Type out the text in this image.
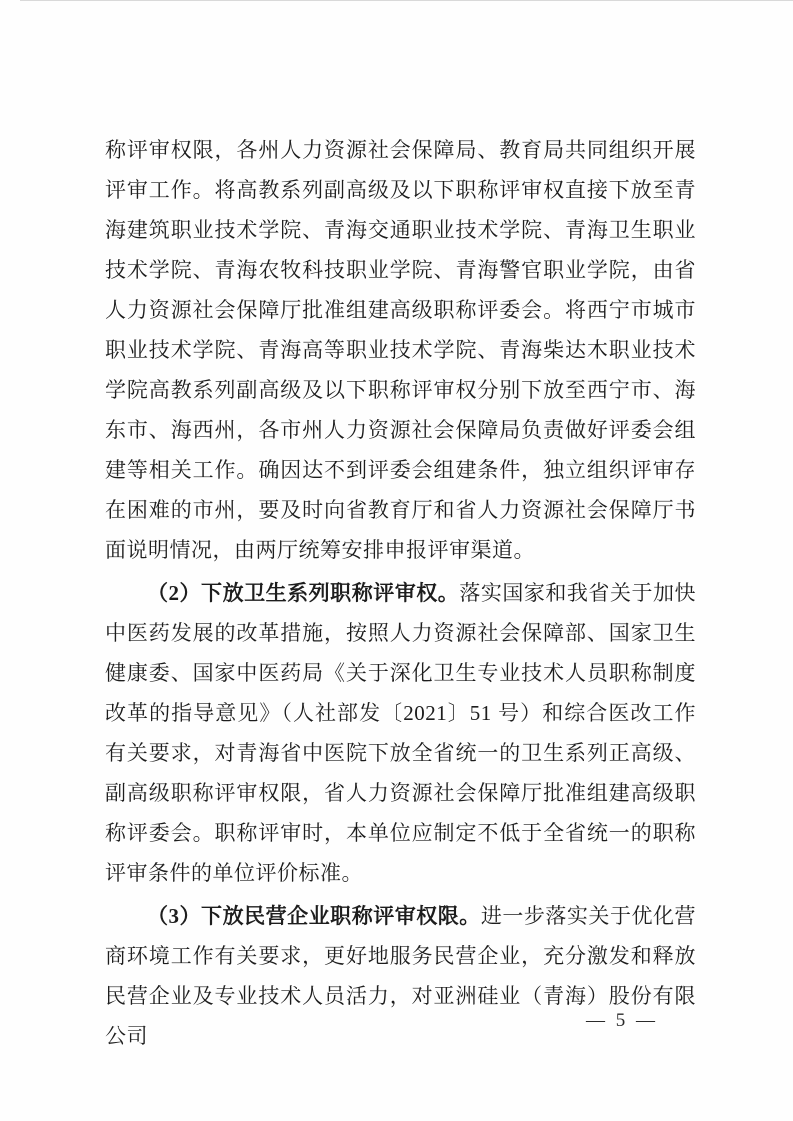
称评审权限，各州人力资源社会保障局、教育局共同组织开展评审工作。将高教系列副高级及以下职称评审权直接下放至青海建筑职业技术学院、青海交通职业技术学院、青海卫生职业技术学院、青海农牧科技职业学院、青海警官职业学院，由省人力资源社会保障厅批准组建高级职称评委会。将西宁市城市职业技术学院、青海高等职业技术学院、青海柴达木职业技术学院高教系列副高级及以下职称评审权分别下放至西宁市、海东市、海西州，各市州人力资源社会保障局负责做好评委会组建等相关工作。确因达不到评委会组建条件，独立组织评审存在困难的市州，要及时向省教育厅和省人力资源社会保障厅书面说明情况，由两厅统筹安排申报评审渠道。

（2）下放卫生系列职称评审权。落实国家和我省关于加快中医药发展的改革措施，按照人力资源社会保障部、国家卫生健康委、国家中医药局《关于深化卫生专业技术人员职称制度改革的指导意见》（人社部发〔2021〕51 号）和综合医改工作有关要求，对青海省中医院下放全省统一的卫生系列正高级、副高级职称评审权限，省人力资源社会保障厅批准组建高级职称评委会。职称评审时，本单位应制定不低于全省统一的职称评审条件的单位评价标准。

（3）下放民营企业职称评审权限。进一步落实关于优化营商环境工作有关要求，更好地服务民营企业，充分激发和释放民营企业及专业技术人员活力，对亚洲硅业（青海）股份有限公司

— 5 —
